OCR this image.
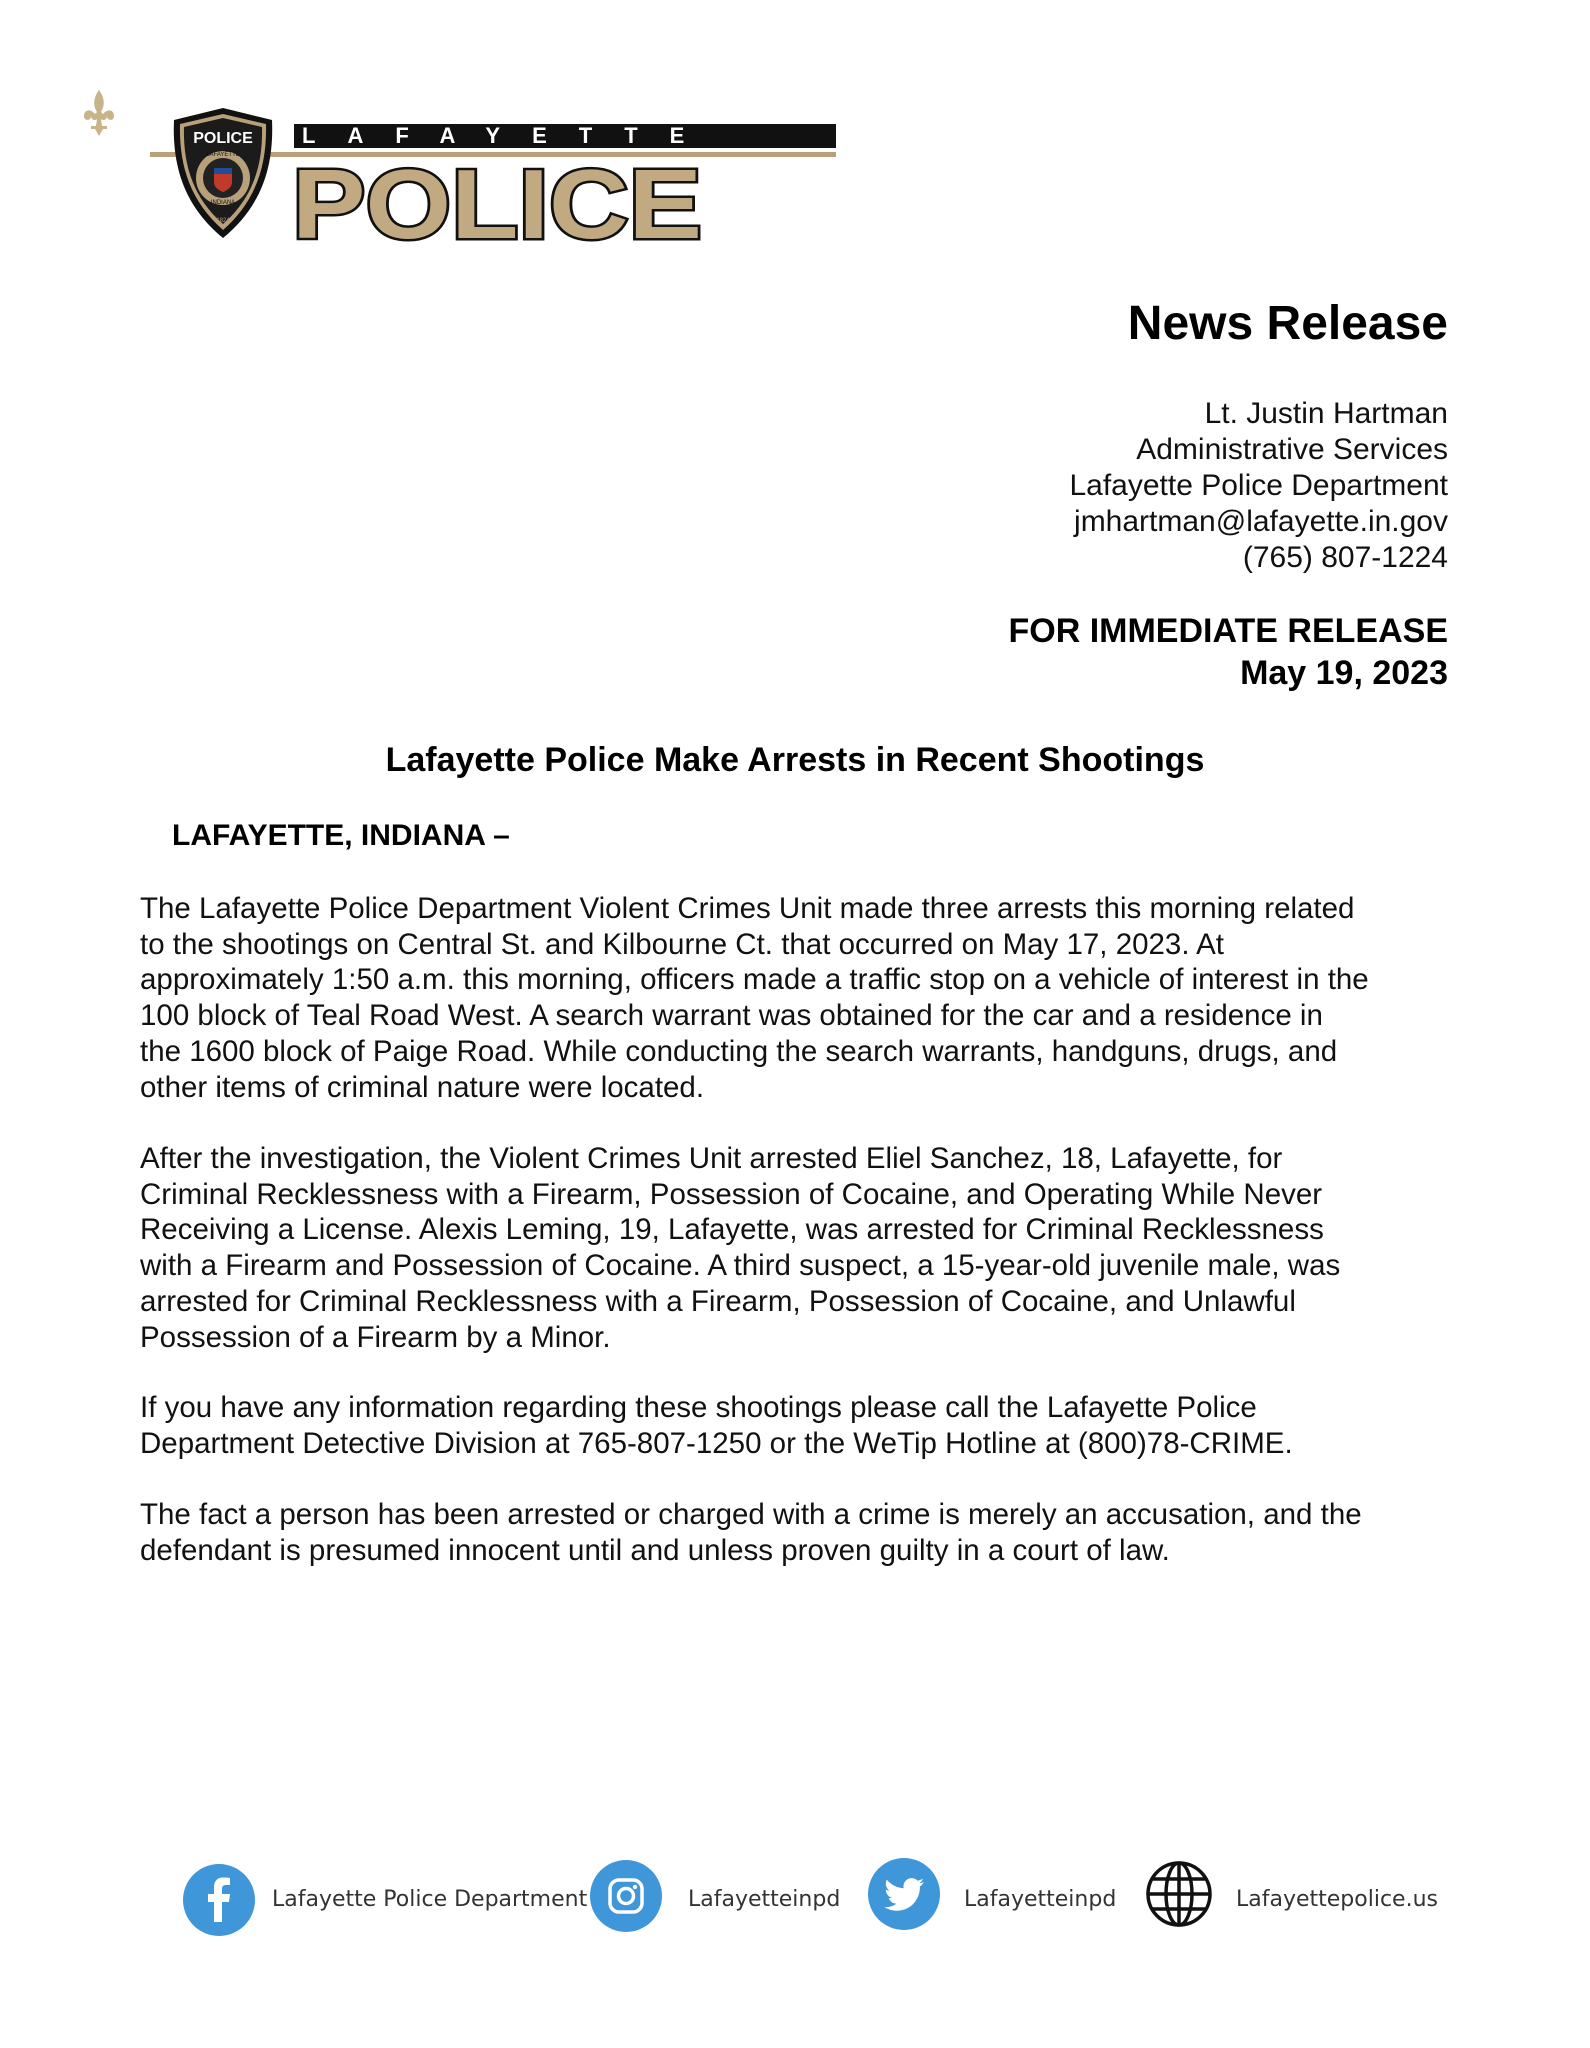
LAFAYETTE
POLICE
LAFAYETTE
INDIANA
1824 POLICE
News Release
Lt. Justin Hartman
Administrative Services
Lafayette Police Department
jmhartman@lafayette.in.gov
(765) 807-1224
FOR IMMEDIATE RELEASE
May 19, 2023
Lafayette Police Make Arrests in Recent Shootings
LAFAYETTE, INDIANA –
The Lafayette Police Department Violent Crimes Unit made three arrests this morning related
to the shootings on Central St. and Kilbourne Ct. that occurred on May 17, 2023. At
approximately 1:50 a.m. this morning, officers made a traffic stop on a vehicle of interest in the
100 block of Teal Road West. A search warrant was obtained for the car and a residence in
the 1600 block of Paige Road. While conducting the search warrants, handguns, drugs, and
other items of criminal nature were located.
After the investigation, the Violent Crimes Unit arrested Eliel Sanchez, 18, Lafayette, for
Criminal Recklessness with a Firearm, Possession of Cocaine, and Operating While Never
Receiving a License. Alexis Leming, 19, Lafayette, was arrested for Criminal Recklessness
with a Firearm and Possession of Cocaine. A third suspect, a 15-year-old juvenile male, was
arrested for Criminal Recklessness with a Firearm, Possession of Cocaine, and Unlawful
Possession of a Firearm by a Minor.
If you have any information regarding these shootings please call the Lafayette Police
Department Detective Division at 765-807-1250 or the WeTip Hotline at (800)78-CRIME.
The fact a person has been arrested or charged with a crime is merely an accusation, and the
defendant is presumed innocent until and unless proven guilty in a court of law.
Lafayette Police Department	Lafayetteinpd	Lafayetteinpd	Lafayettepolice.us
